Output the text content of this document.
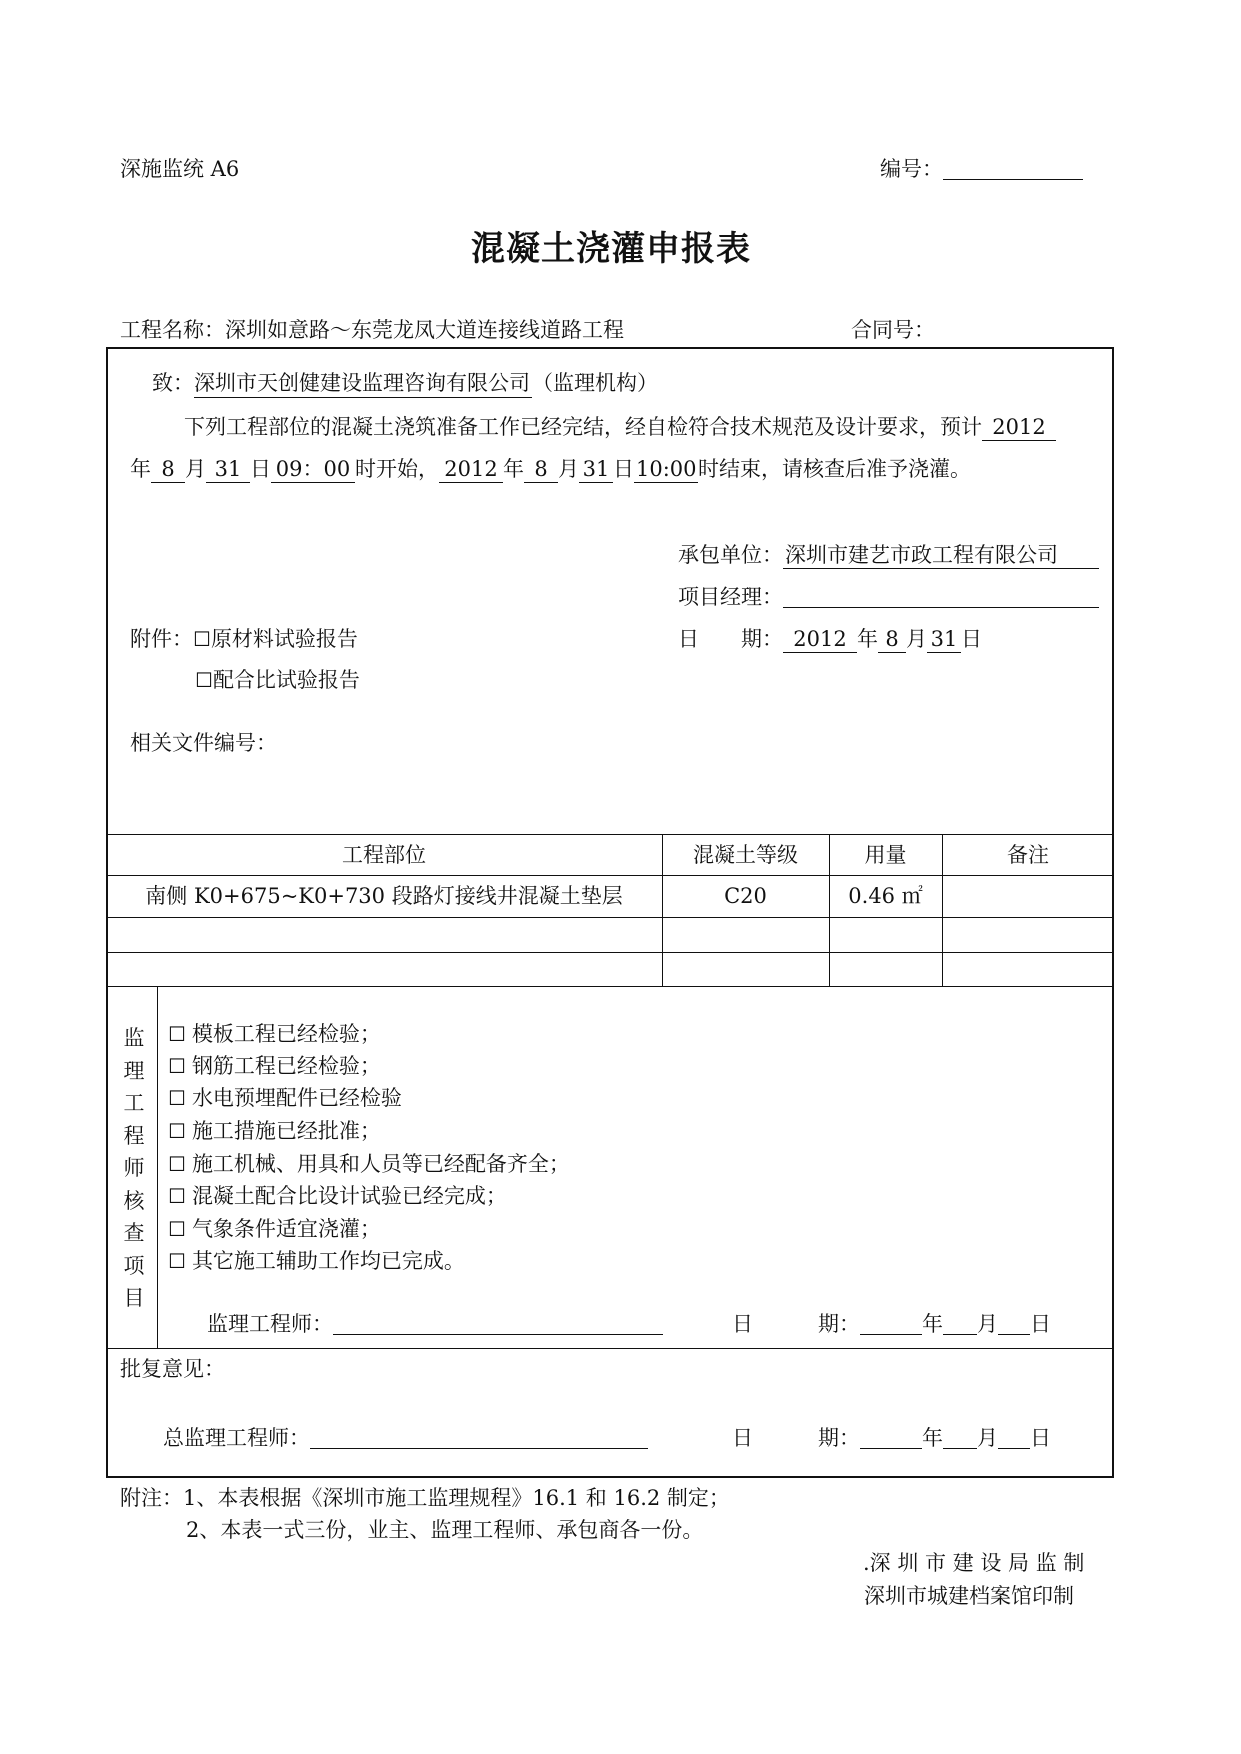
深施监统 A6	编号：
混凝土浇灌申报表
工程名称：深圳如意路～东莞龙凤大道连接线道路工程	合同号：
致：深圳市天创健建设监理咨询有限公司（监理机构）
下列工程部位的混凝土浇筑准备工作已经完结，经自检符合技术规范及设计要求，预计 2012
年 8 月 31 日 09：00 时开始， 2012 年 8 月 31 日10:00时结束，请核查后准予浇灌。
承包单位：深圳市建艺市政工程有限公司
项目经理：
日　　期： 2012 年 8 月 31 日
附件：☐原材料试验报告
☐配合比试验报告
相关文件编号：
工程部位	混凝土等级	用量	备注
南侧 K0+675~K0+730 段路灯接线井混凝土垫层	C20	0.46 ㎡
监
理
工
程
师
核
查
项
目
☐ 模板工程已经检验；
☐ 钢筋工程已经检验；
☐ 水电预埋配件已经检验
☐ 施工措施已经批准；
☐ 施工机械、用具和人员等已经配备齐全；
☐ 混凝土配合比设计试验已经完成；
☐ 气象条件适宜浇灌；
☐ 其它施工辅助工作均已完成。
监理工程师：	日	期：	年 月 日
批复意见：
总监理工程师：	日	期：	年 月 日
附注：1、本表根据《深圳市施工监理规程》16.1 和 16.2 制定；
2、本表一式三份，业主、监理工程师、承包商各一份。
.深 圳 市 建 设 局 监 制
深圳市城建档案馆印制
